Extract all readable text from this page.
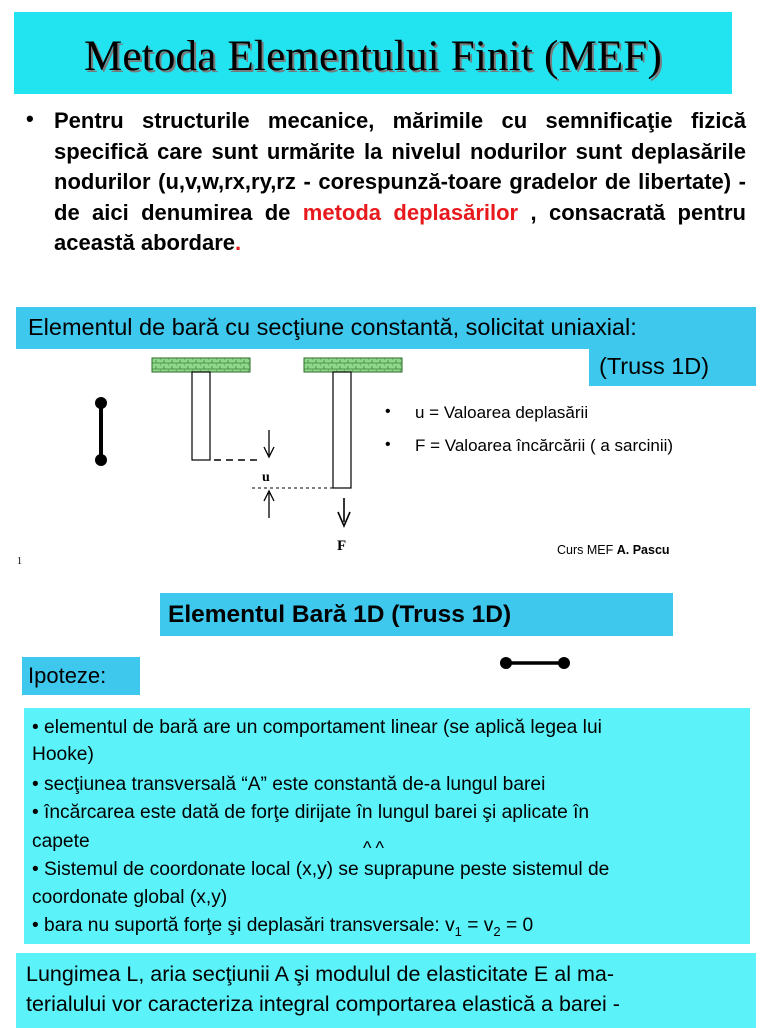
Metoda Elementului Finit (MEF)
• Pentru structurile mecanice, mărimile cu semnificaţie fizică specifică care sunt urmărite la nivelul nodurilor sunt deplasările nodurilor (u,v,w,rx,ry,rz - corespunză-toare gradelor de libertate) - de aici denumirea de metoda deplasărilor , consacrată pentru această abordare.
Elementul de bară cu secţiune constantă, solicitat uniaxial:
(Truss 1D)
u
F
• u = Valoarea deplasării
• F = Valoarea încărcării ( a sarcinii)
Curs MEF A. Pascu
1
Elementul Bară 1D (Truss 1D)
Ipoteze:
• elementul de bară are un comportament linear (se aplică legea lui
Hooke)
• secţiunea transversală “A” este constantă de-a lungul barei
• încărcarea este dată de forţe dirijate în lungul barei şi aplicate în
capete
• Sistemul de coordonate local (x,y) se suprapune peste sistemul de
coordonate global (x,y)
• bara nu suportă forţe şi deplasări transversale: $v_1 = v_2 = 0$
^^
Lungimea L, aria secţiunii A şi modulul de elasticitate E al ma-
terialului vor caracteriza integral comportarea elastică a barei -
